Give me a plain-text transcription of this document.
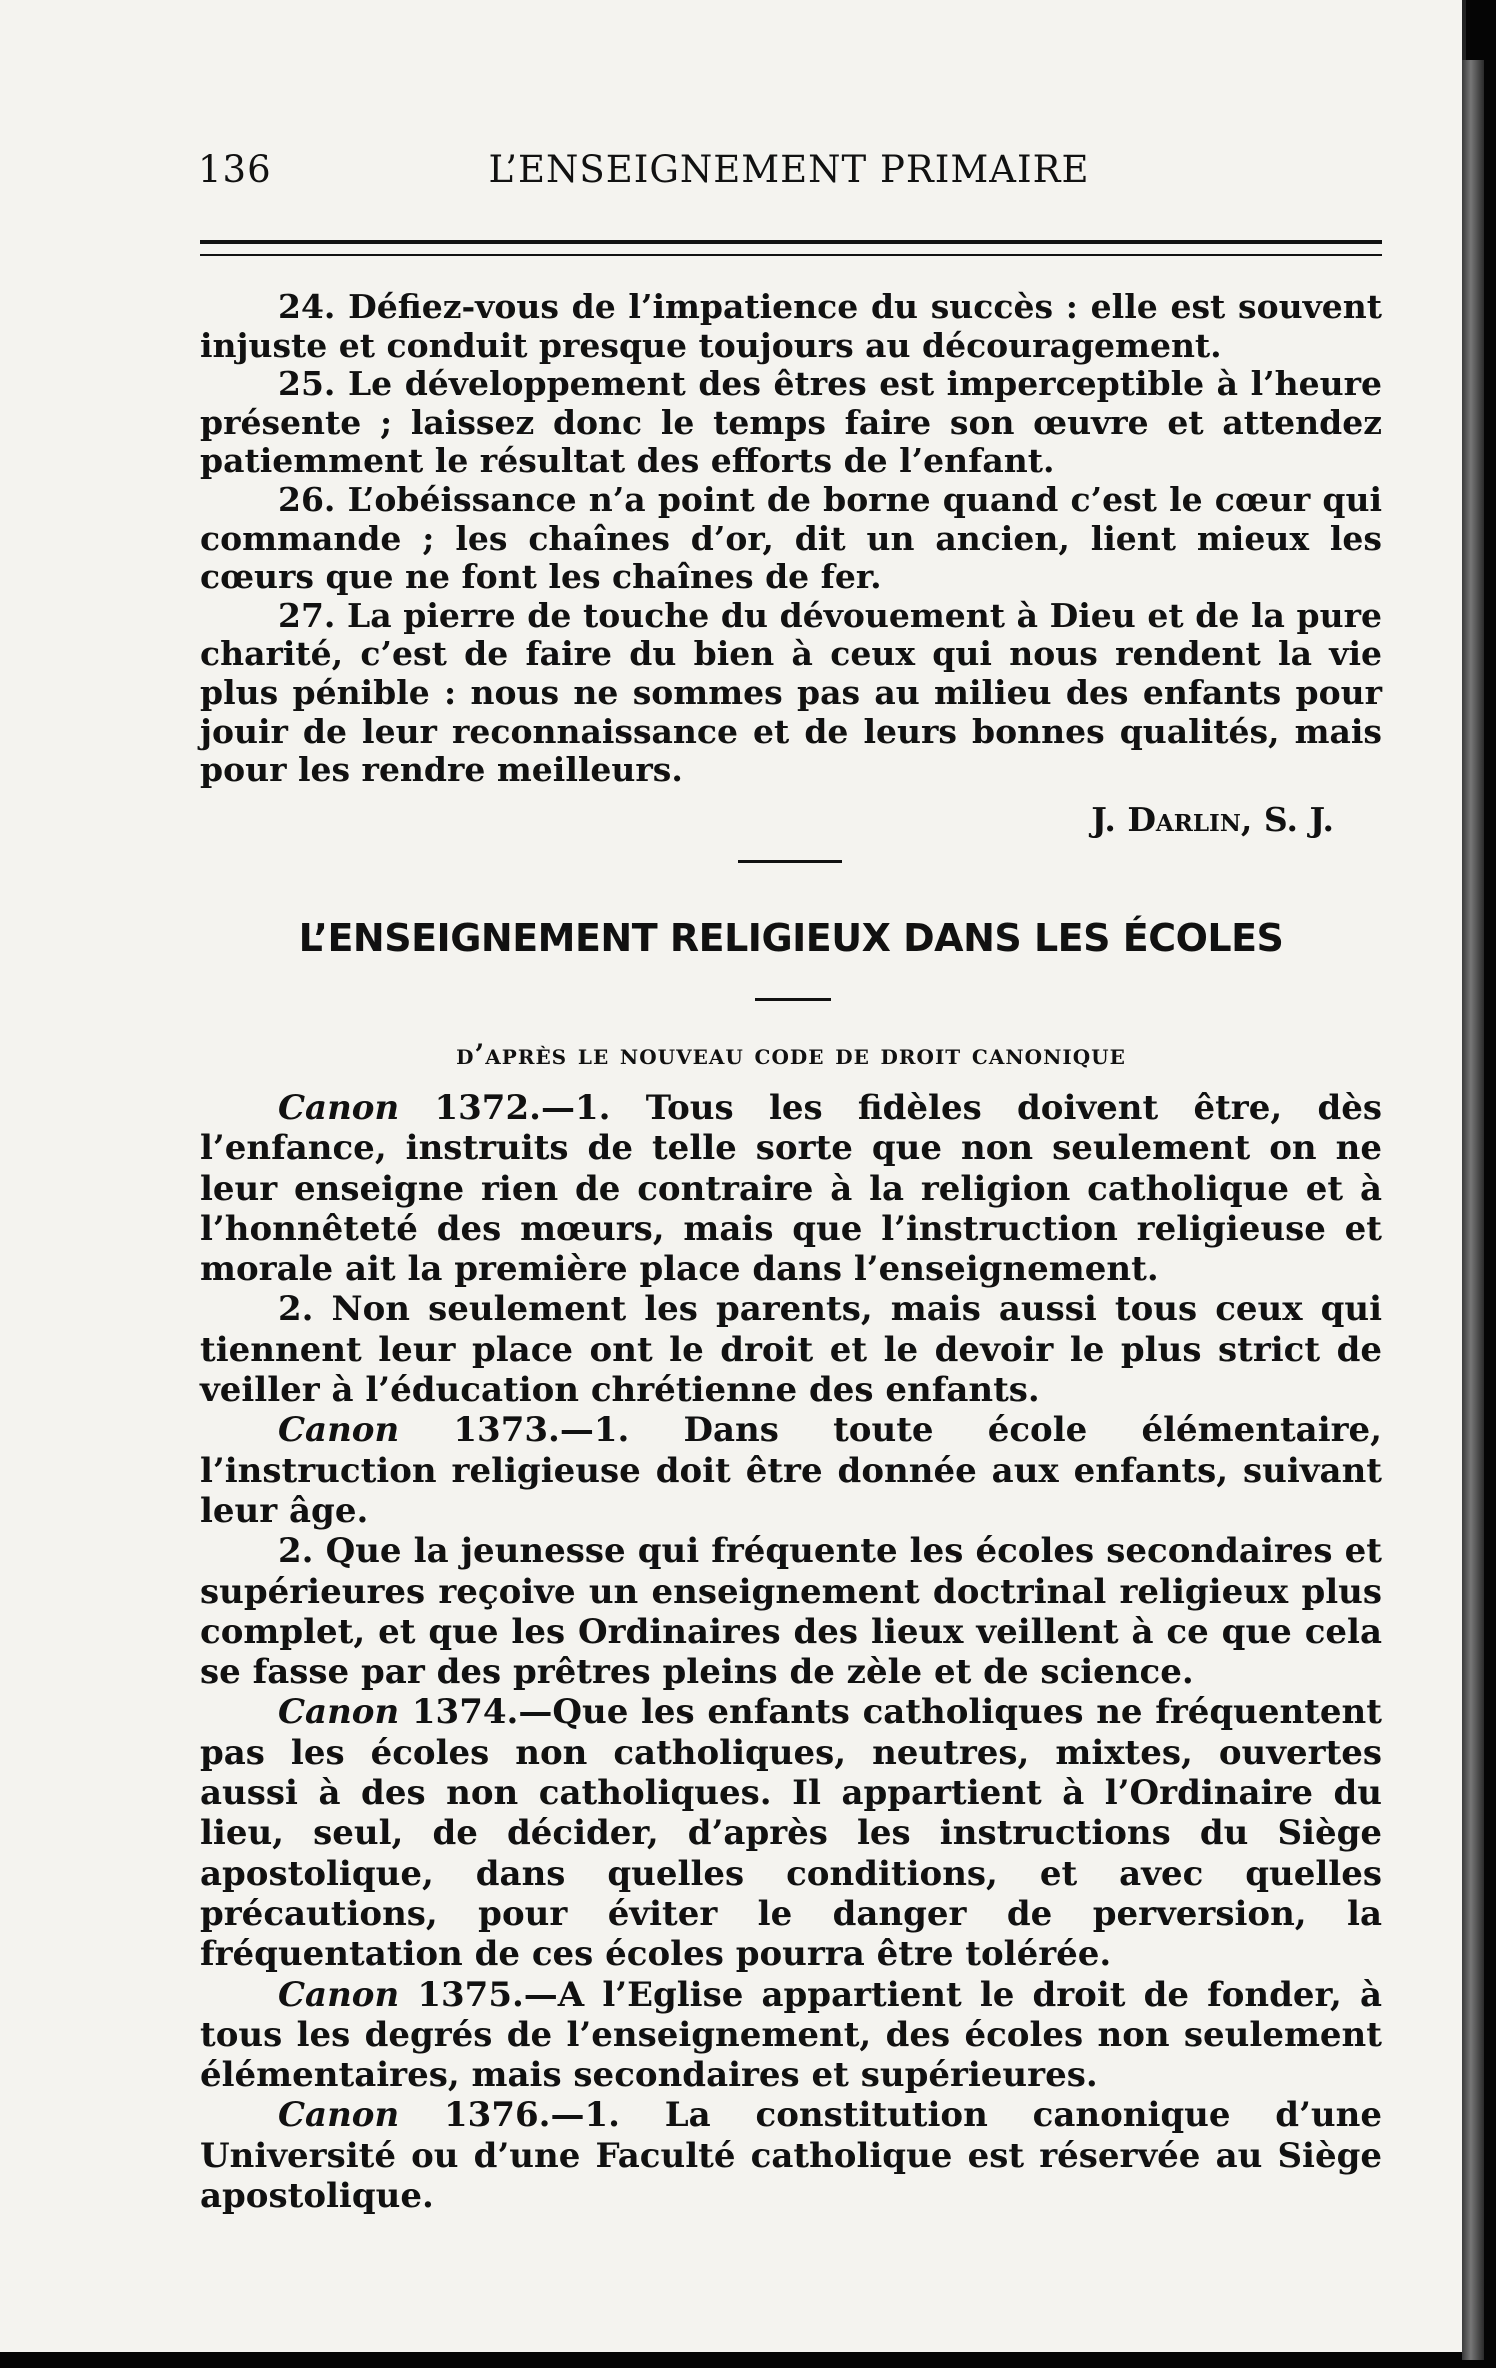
136	L’ENSEIGNEMENT PRIMAIRE

24. Défiez-vous de l’impatience du succès : elle est souvent injuste et conduit presque toujours au découragement.

25. Le développement des êtres est imperceptible à l’heure présente ; laissez donc le temps faire son œuvre et attendez patiemment le résultat des efforts de l’enfant.

26. L’obéissance n’a point de borne quand c’est le cœur qui commande ; les chaînes d’or, dit un ancien, lient mieux les cœurs que ne font les chaînes de fer.

27. La pierre de touche du dévouement à Dieu et de la pure charité, c’est de faire du bien à ceux qui nous rendent la vie plus pénible : nous ne sommes pas au milieu des enfants pour jouir de leur reconnaissance et de leurs bonnes qualités, mais pour les rendre meilleurs.

J. Darlin, S. J.
L’ENSEIGNEMENT RELIGIEUX DANS LES ÉCOLES
d’après le nouveau code de droit canonique

Canon 1372.—1. Tous les fidèles doivent être, dès l’enfance, instruits de telle sorte que non seulement on ne leur enseigne rien de contraire à la religion catholique et à l’honnêteté des mœurs, mais que l’instruction religieuse et morale ait la première place dans l’enseignement.

2. Non seulement les parents, mais aussi tous ceux qui tiennent leur place ont le droit et le devoir le plus strict de veiller à l’éducation chrétienne des enfants.

Canon 1373.—1. Dans toute école élémentaire, l’instruction religieuse doit être donnée aux enfants, suivant leur âge.

2. Que la jeunesse qui fréquente les écoles secondaires et supérieures reçoive un enseignement doctrinal religieux plus complet, et que les Ordinaires des lieux veillent à ce que cela se fasse par des prêtres pleins de zèle et de science.

Canon 1374.—Que les enfants catholiques ne fréquentent pas les écoles non catholiques, neutres, mixtes, ouvertes aussi à des non catholiques. Il appartient à l’Ordinaire du lieu, seul, de décider, d’après les instructions du Siège apostolique, dans quelles conditions, et avec quelles précautions, pour éviter le danger de perversion, la fréquentation de ces écoles pourra être tolérée.

Canon 1375.—A l’Eglise appartient le droit de fonder, à tous les degrés de l’enseignement, des écoles non seulement élémentaires, mais secondaires et supérieures.

Canon 1376.—1. La constitution canonique d’une Université ou d’une Faculté catholique est réservée au Siège apostolique.
